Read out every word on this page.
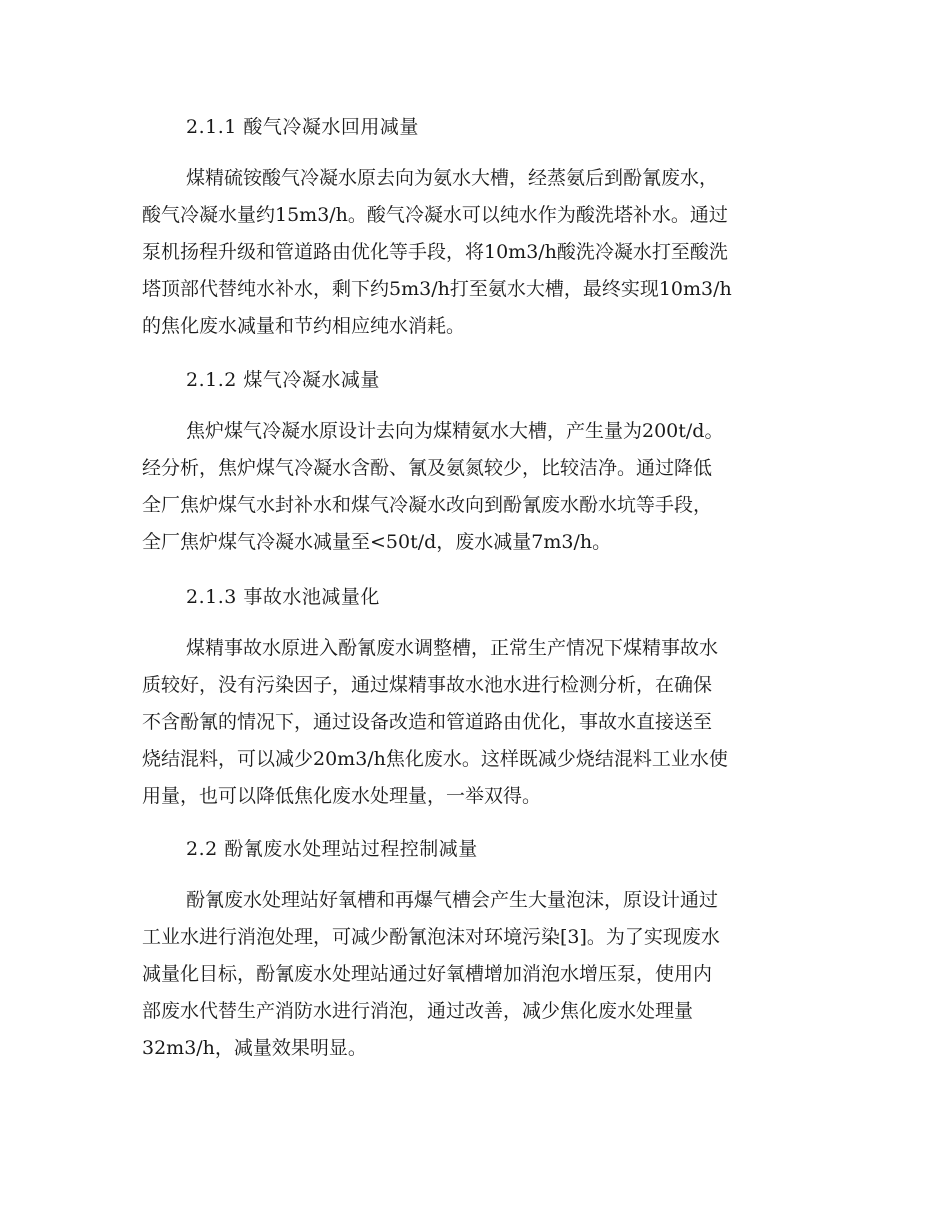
2.1.1 酸气冷凝水回用减量
煤精硫铵酸气冷凝水原去向为氨水大槽，经蒸氨后到酚氰废水，
酸气冷凝水量约15m3/h。酸气冷凝水可以纯水作为酸洗塔补水。通过
泵机扬程升级和管道路由优化等手段，将10m3/h酸洗冷凝水打至酸洗
塔顶部代替纯水补水，剩下约5m3/h打至氨水大槽，最终实现10m3/h
的焦化废水减量和节约相应纯水消耗。
2.1.2 煤气冷凝水减量
焦炉煤气冷凝水原设计去向为煤精氨水大槽，产生量为200t/d。
经分析，焦炉煤气冷凝水含酚、氰及氨氮较少，比较洁净。通过降低
全厂焦炉煤气水封补水和煤气冷凝水改向到酚氰废水酚水坑等手段，
全厂焦炉煤气冷凝水减量至<50t/d，废水减量7m3/h。
2.1.3 事故水池减量化
煤精事故水原进入酚氰废水调整槽，正常生产情况下煤精事故水
质较好，没有污染因子，通过煤精事故水池水进行检测分析，在确保
不含酚氰的情况下，通过设备改造和管道路由优化，事故水直接送至
烧结混料，可以减少20m3/h焦化废水。这样既减少烧结混料工业水使
用量，也可以降低焦化废水处理量，一举双得。
2.2 酚氰废水处理站过程控制减量
酚氰废水处理站好氧槽和再爆气槽会产生大量泡沫，原设计通过
工业水进行消泡处理，可减少酚氰泡沫对环境污染[3]。为了实现废水
减量化目标，酚氰废水处理站通过好氧槽增加消泡水增压泵，使用内
部废水代替生产消防水进行消泡，通过改善，减少焦化废水处理量
32m3/h，减量效果明显。
